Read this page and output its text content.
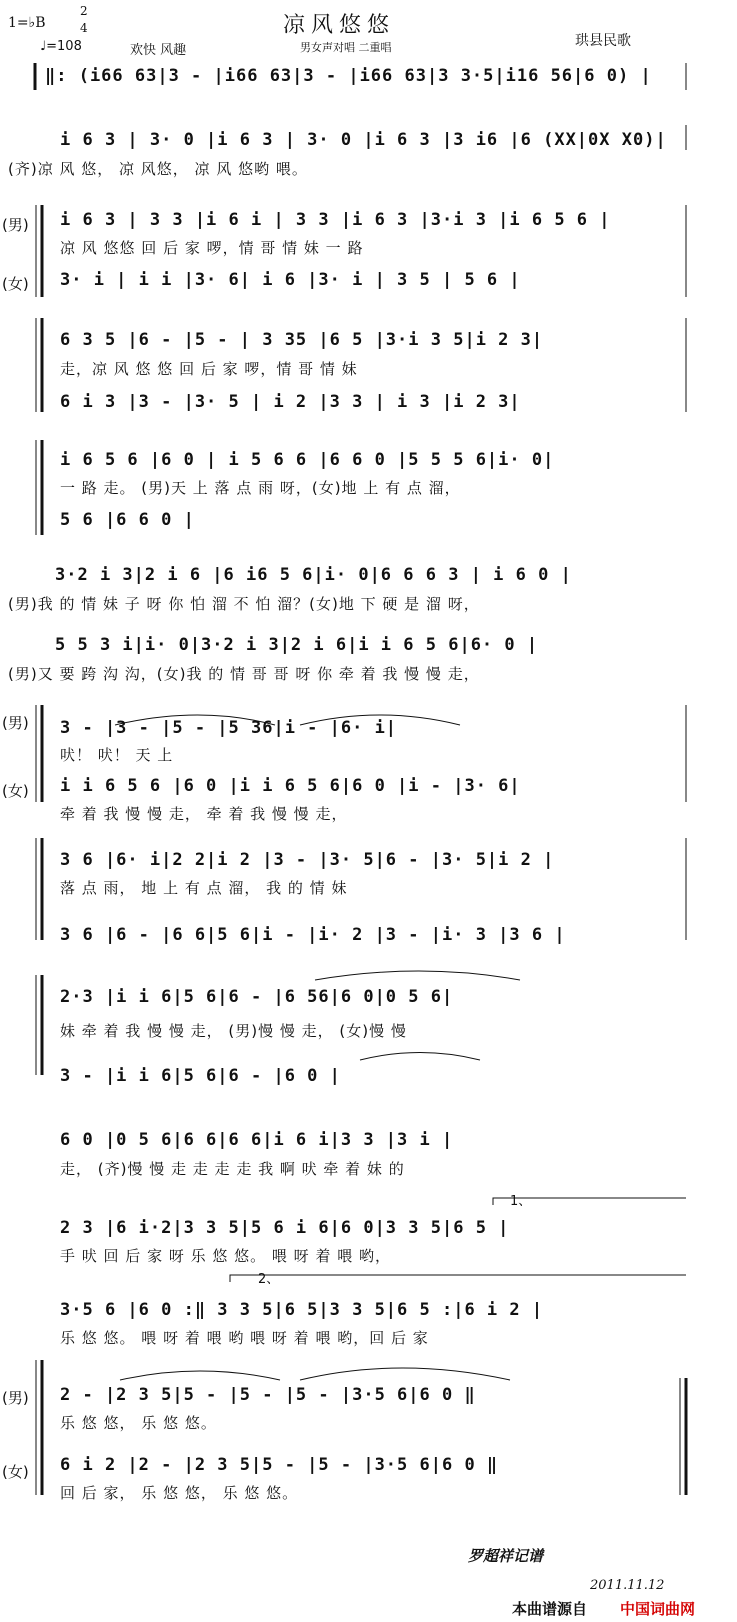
凉风悠悠
1=♭B
2
4
♩=108	欢快 风趣	男女声对唱 二重唱	珙县民歌
(男)
(女)
(男)
(女)
(男)
(女)
‖: (i66 63|3 - |i66 63|3 - |i66 63|3 3·5|i16 56|6 0) |
i 6 3 | 3· 0 |i 6 3 | 3· 0 |i 6 3 |3 i6 |6 (XX|0X X0)|
(齐)凉 风 悠， 凉 风悠， 凉 风 悠哟 喂。
i 6 3 | 3 3 |i 6 i | 3 3 |i 6 3 |3·i 3 |i 6 5 6 |
凉 风 悠悠 回 后 家 啰，情 哥 情 妹 一 路
3· i | i i |3· 6| i 6 |3· i | 3 5 | 5 6 |
6 3 5 |6 - |5 - | 3 35 |6 5 |3·i 3 5|i 2 3|
走，凉 风 悠 悠 回 后 家 啰，情 哥 情 妹
6 i 3 |3 - |3· 5 | i 2 |3 3 | i 3 |i 2 3|
i 6 5 6 |6 0 | i 5 6 6 |6 6 0 |5 5 5 6|i· 0|
一 路 走。 (男)天 上 落 点 雨 呀，(女)地 上 有 点 溜，
5 6 |6 6 0 |
3·2 i 3|2 i 6 |6 i6 5 6|i· 0|6 6 6 3 | i 6 0 |
(男)我 的 情 妹 子 呀 你 怕 溜 不 怕 溜？(女)地 下 硬 是 溜 呀，
5 5 3 i|i· 0|3·2 i 3|2 i 6|i i 6 5 6|6· 0 |
(男)又 要 跨 沟 沟，(女)我 的 情 哥 哥 呀 你 牵 着 我 慢 慢 走，
3 - |3 - |5 - |5 36|i - |6· i|
吠！ 吠！ 天 上
i i 6 5 6 |6 0 |i i 6 5 6|6 0 |i - |3· 6|
牵 着 我 慢 慢 走， 牵 着 我 慢 慢 走，
3 6 |6· i|2 2|i 2 |3 - |3· 5|6 - |3· 5|i 2 |
落 点 雨， 地 上 有 点 溜， 我 的 情 妹
3 6 |6 - |6 6|5 6|i - |i· 2 |3 - |i· 3 |3 6 |
2·3 |i i 6|5 6|6 - |6 56|6 0|0 5 6|
妹 牵 着 我 慢 慢 走， (男)慢 慢 走， (女)慢 慢
3 - |i i 6|5 6|6 - |6 0 |
6 0 |0 5 6|6 6|6 6|i 6 i|3 3 |3 i |
走， (齐)慢 慢 走 走 走 走 我 啊 吠 牵 着 妹 的
1、
2 3 |6 i·2|3 3 5|5 6 i 6|6 0|3 3 5|6 5 |
手 吠 回 后 家 呀 乐 悠 悠。 喂 呀 着 喂 哟，
2、
3·5 6 |6 0 :‖ 3 3 5|6 5|3 3 5|6 5 :|6 i 2 |
乐 悠 悠。 喂 呀 着 喂 哟 喂 呀 着 喂 哟，回 后 家
2 - |2 3 5|5 - |5 - |5 - |3·5 6|6 0 ‖
乐 悠 悠， 乐 悠 悠。
6 i 2 |2 - |2 3 5|5 - |5 - |3·5 6|6 0 ‖
回 后 家， 乐 悠 悠， 乐 悠 悠。
罗超祥记谱
2011.11.12
本曲谱源自 中国词曲网
